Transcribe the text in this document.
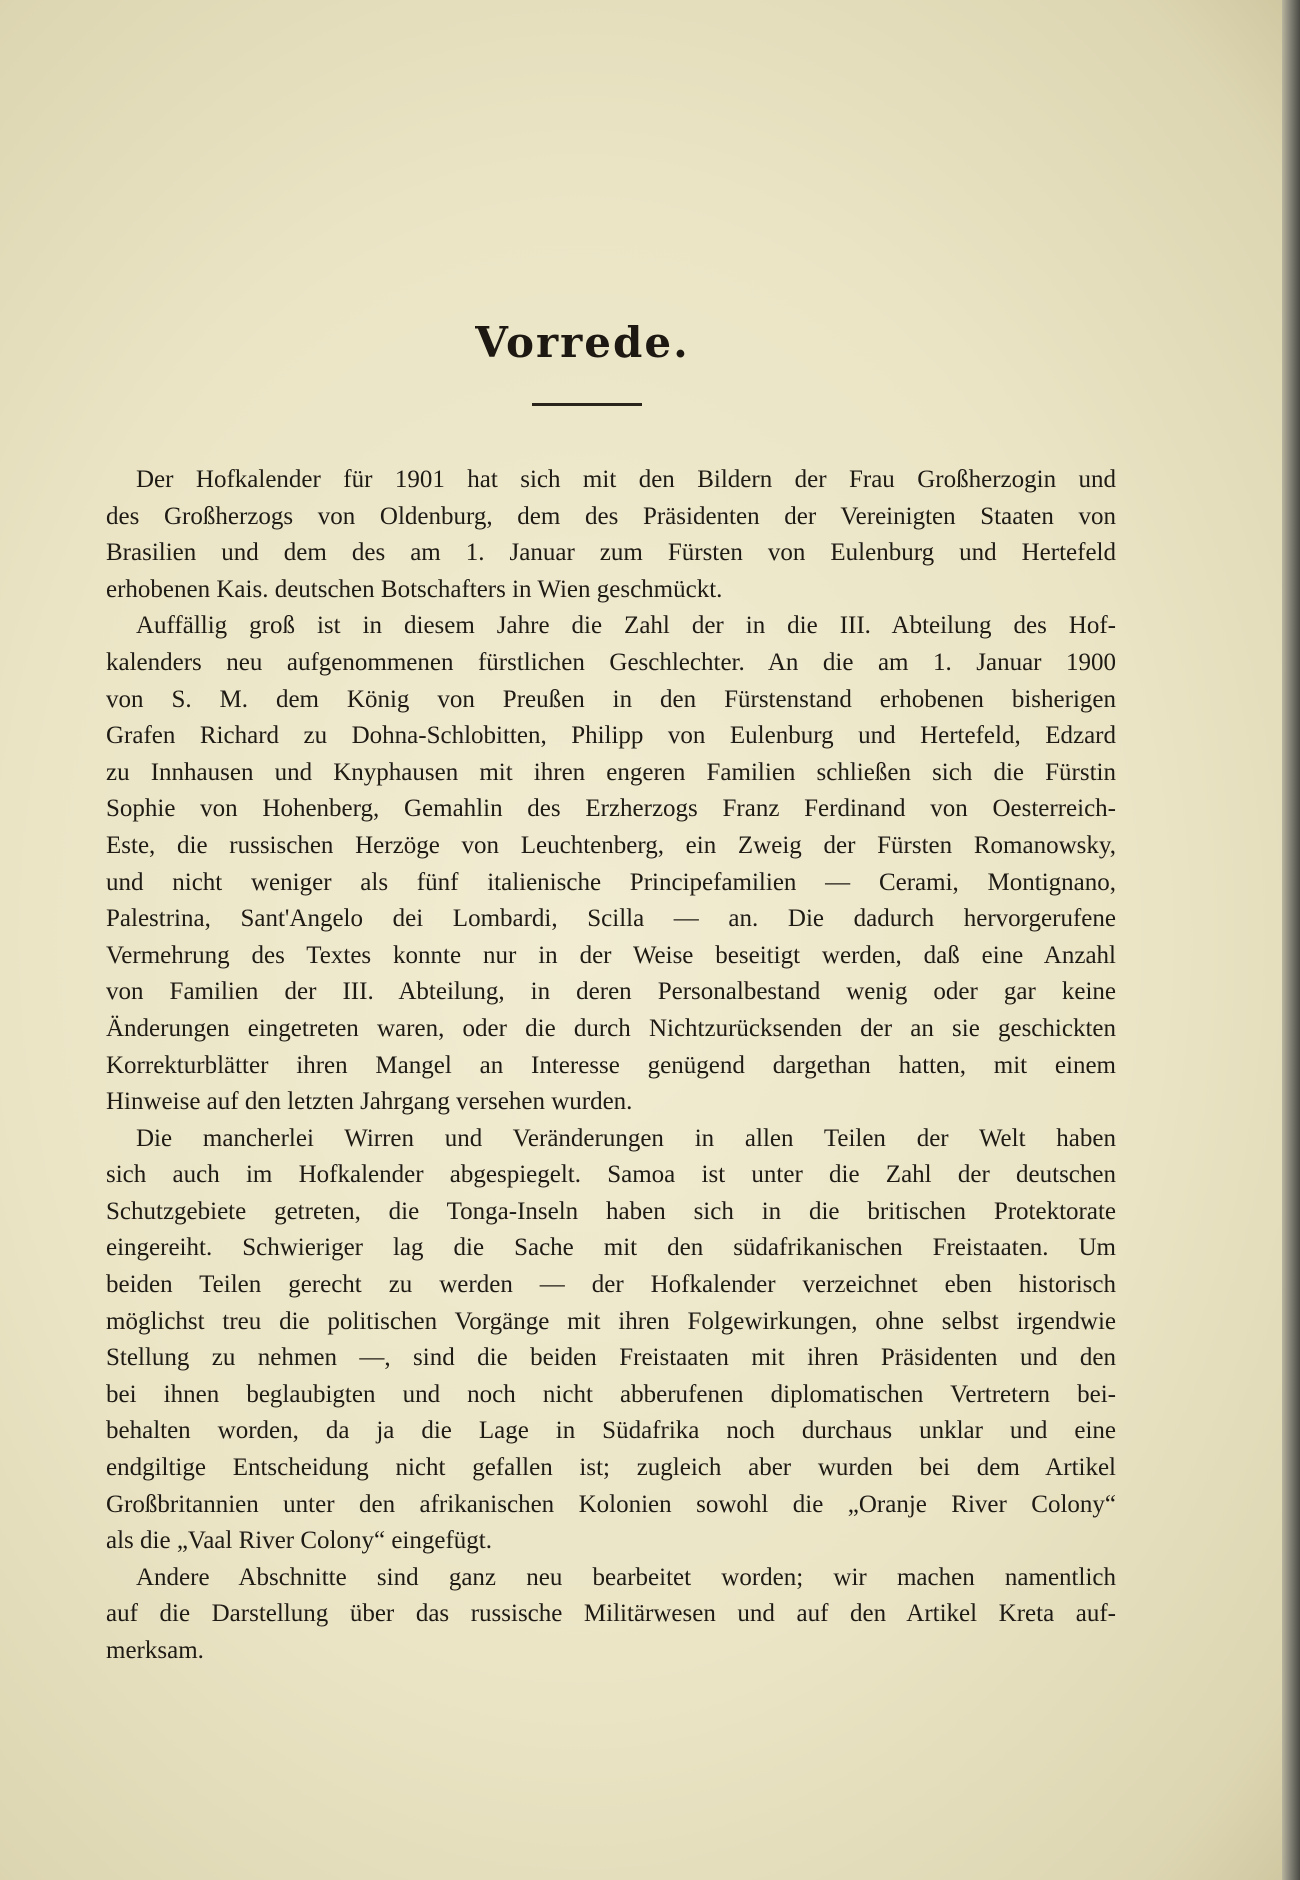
Vorrede.
Der Hofkalender für 1901 hat sich mit den Bildern der Frau Großherzogin und
des Großherzogs von Oldenburg, dem des Präsidenten der Vereinigten Staaten von
Brasilien und dem des am 1. Januar zum Fürsten von Eulenburg und Hertefeld
erhobenen Kais. deutschen Botschafters in Wien geschmückt.
Auffällig groß ist in diesem Jahre die Zahl der in die III. Abteilung des Hof-
kalenders neu aufgenommenen fürstlichen Geschlechter. An die am 1. Januar 1900
von S. M. dem König von Preußen in den Fürstenstand erhobenen bisherigen
Grafen Richard zu Dohna-Schlobitten, Philipp von Eulenburg und Hertefeld, Edzard
zu Innhausen und Knyphausen mit ihren engeren Familien schließen sich die Fürstin
Sophie von Hohenberg, Gemahlin des Erzherzogs Franz Ferdinand von Oesterreich-
Este, die russischen Herzöge von Leuchtenberg, ein Zweig der Fürsten Romanowsky,
und nicht weniger als fünf italienische Principefamilien — Cerami, Montignano,
Palestrina, Sant'Angelo dei Lombardi, Scilla — an. Die dadurch hervorgerufene
Vermehrung des Textes konnte nur in der Weise beseitigt werden, daß eine Anzahl
von Familien der III. Abteilung, in deren Personalbestand wenig oder gar keine
Änderungen eingetreten waren, oder die durch Nichtzurücksenden der an sie geschickten
Korrekturblätter ihren Mangel an Interesse genügend dargethan hatten, mit einem
Hinweise auf den letzten Jahrgang versehen wurden.
Die mancherlei Wirren und Veränderungen in allen Teilen der Welt haben
sich auch im Hofkalender abgespiegelt. Samoa ist unter die Zahl der deutschen
Schutzgebiete getreten, die Tonga-Inseln haben sich in die britischen Protektorate
eingereiht. Schwieriger lag die Sache mit den südafrikanischen Freistaaten. Um
beiden Teilen gerecht zu werden — der Hofkalender verzeichnet eben historisch
möglichst treu die politischen Vorgänge mit ihren Folgewirkungen, ohne selbst irgendwie
Stellung zu nehmen —, sind die beiden Freistaaten mit ihren Präsidenten und den
bei ihnen beglaubigten und noch nicht abberufenen diplomatischen Vertretern bei-
behalten worden, da ja die Lage in Südafrika noch durchaus unklar und eine
endgiltige Entscheidung nicht gefallen ist; zugleich aber wurden bei dem Artikel
Großbritannien unter den afrikanischen Kolonien sowohl die „Oranje River Colony“
als die „Vaal River Colony“ eingefügt.
Andere Abschnitte sind ganz neu bearbeitet worden; wir machen namentlich
auf die Darstellung über das russische Militärwesen und auf den Artikel Kreta auf-
merksam.
